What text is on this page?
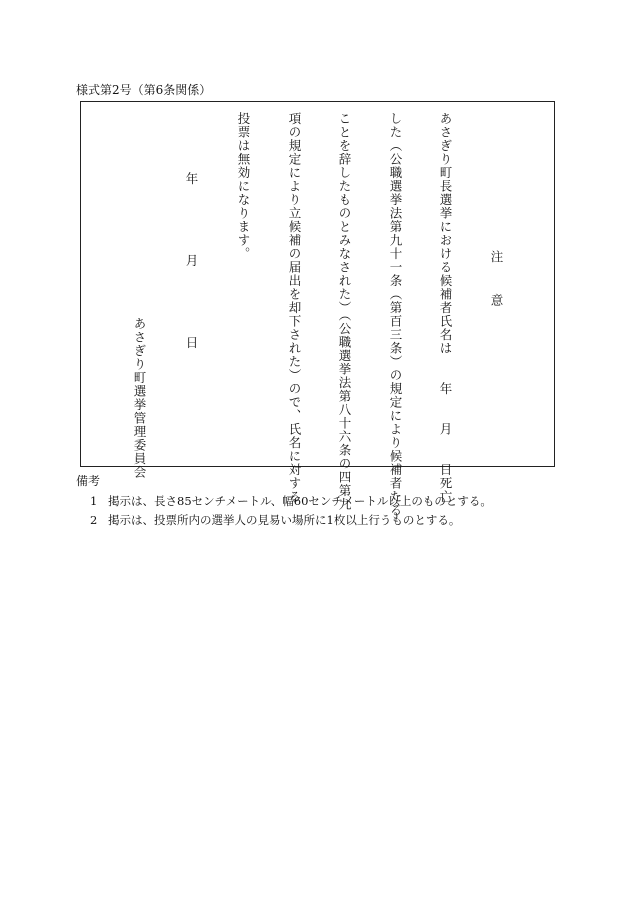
様式第2号（第6条関係）
注　　意
あさぎり町長選挙における候補者氏名は　　年　　月　　日死亡
した（公職選挙法第九十一条（第百三条）の規定により候補者たる
ことを辞したものとみなされた）（公職選挙法第八十六条の四第九
項の規定により立候補の届出を却下された）ので、氏名に対する
投票は無効になります。
年　　　月　　　日
あさぎり町選挙管理委員会
備考
1 掲示は、長さ85センチメートル、幅60センチメートル以上のものとする。
2 掲示は、投票所内の選挙人の見易い場所に1枚以上行うものとする。
